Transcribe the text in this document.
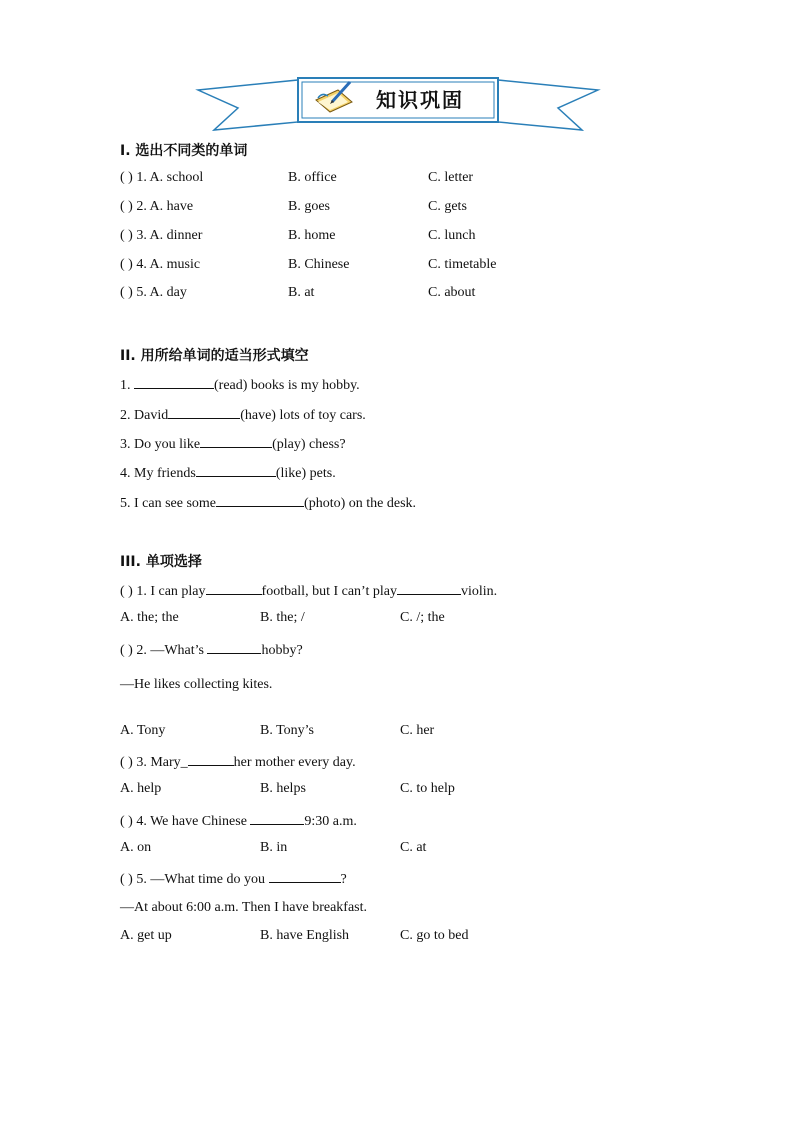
知识巩固
I. 选出不同类的单词
( ) 1. A. school	B. office	C. letter
( ) 2. A. have	B. goes	C. gets
( ) 3. A. dinner	B. home	C. lunch
( ) 4. A. music	B. Chinese	C. timetable
( ) 5. A. day	B. at	C. about
II. 用所给单词的适当形式填空
1.	(read) books is my hobby.
2. David	(have) lots of toy cars.
3. Do you like	(play) chess?
4. My friends	(like) pets.
5. I can see some	(photo) on the desk.
III. 单项选择
( ) 1. I can play	football, but I can’t play	violin.
A. the; the	B. the; /	C. /; the
( ) 2. —What’s	hobby?
—He likes collecting kites.
A. Tony	B. Tony’s	C. her
( ) 3. Mary_	her mother every day.
A. help	B. helps	C. to help
( ) 4. We have Chinese	9:30 a.m.
A. on	B. in	C. at
( ) 5. —What time do you	?
—At about 6:00 a.m. Then I have breakfast.
A. get up	B. have English	C. go to bed
